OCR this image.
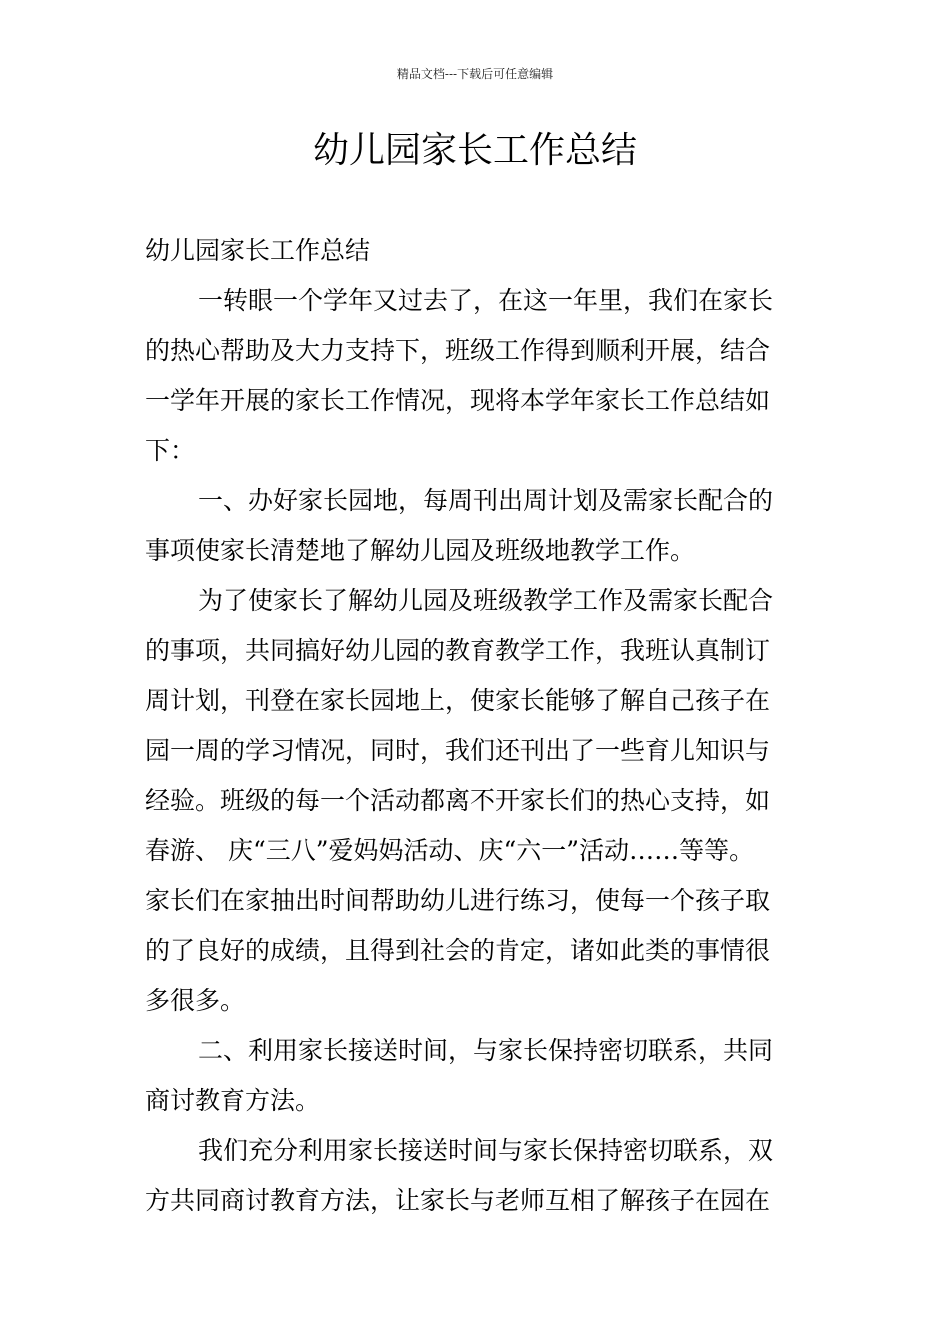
精品文档---下载后可任意编辑
幼儿园家长工作总结

幼儿园家长工作总结

一转眼一个学年又过去了，在这一年里，我们在家长

的热心帮助及大力支持下，班级工作得到顺利开展，结合

一学年开展的家长工作情况，现将本学年家长工作总结如

下：

一、办好家长园地，每周刊出周计划及需家长配合的

事项使家长清楚地了解幼儿园及班级地教学工作。

为了使家长了解幼儿园及班级教学工作及需家长配合

的事项，共同搞好幼儿园的教育教学工作，我班认真制订

周计划，刊登在家长园地上，使家长能够了解自己孩子在

园一周的学习情况，同时，我们还刊出了一些育儿知识与

经验。班级的每一个活动都离不开家长们的热心支持，如

春游、 庆“三八”爱妈妈活动、庆“六一”活动……等等。

家长们在家抽出时间帮助幼儿进行练习，使每一个孩子取

的了良好的成绩，且得到社会的肯定，诸如此类的事情很

多很多。

二、利用家长接送时间，与家长保持密切联系，共同

商讨教育方法。

我们充分利用家长接送时间与家长保持密切联系，双

方共同商讨教育方法，让家长与老师互相了解孩子在园在
